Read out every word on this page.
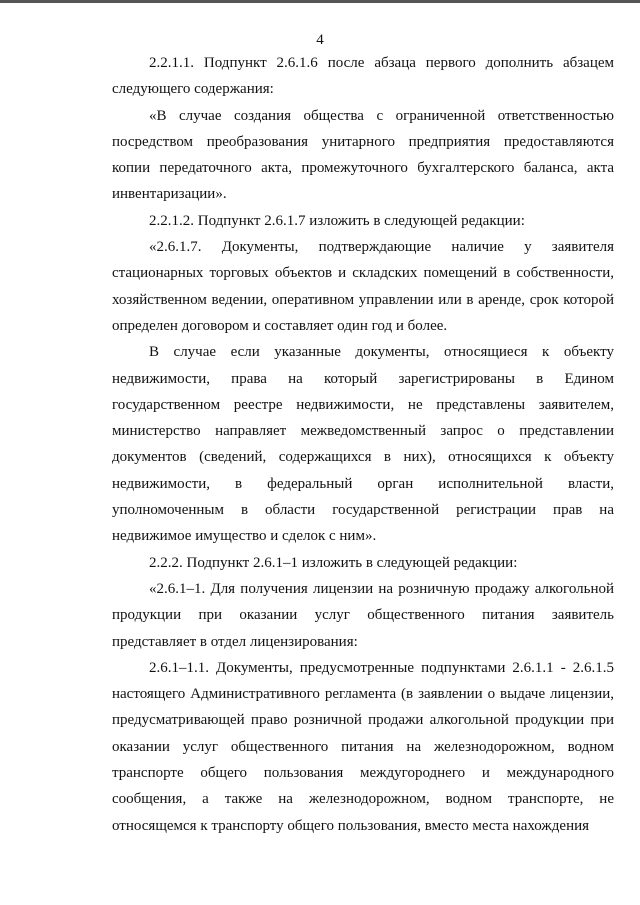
4

2.2.1.1. Подпункт 2.6.1.6 после абзаца первого дополнить абзацем следующего содержания:

«В случае создания общества с ограниченной ответственностью посредством преобразования унитарного предприятия предоставляются копии передаточного акта, промежуточного бухгалтерского баланса, акта инвентаризации».

2.2.1.2. Подпункт 2.6.1.7 изложить в следующей редакции:

«2.6.1.7. Документы, подтверждающие наличие у заявителя стационарных торговых объектов и складских помещений в собственности, хозяйственном ведении, оперативном управлении или в аренде, срок которой определен договором и составляет один год и более.

В случае если указанные документы, относящиеся к объекту недвижимости, права на который зарегистрированы в Едином государственном реестре недвижимости, не представлены заявителем, министерство направляет межведомственный запрос о представлении документов (сведений, содержащихся в них), относящихся к объекту недвижимости, в федеральный орган исполнительной власти, уполномоченным в области государственной регистрации прав на недвижимое имущество и сделок с ним».

2.2.2. Подпункт 2.6.1–1 изложить в следующей редакции:

«2.6.1–1. Для получения лицензии на розничную продажу алкогольной продукции при оказании услуг общественного питания заявитель представляет в отдел лицензирования:

2.6.1–1.1. Документы, предусмотренные подпунктами 2.6.1.1 - 2.6.1.5 настоящего Административного регламента (в заявлении о выдаче лицензии, предусматривающей право розничной продажи алкогольной продукции при оказании услуг общественного питания на железнодорожном, водном транспорте общего пользования междугороднего и международного сообщения, а также на железнодорожном, водном транспорте, не относящемся к транспорту общего пользования, вместо места нахождения
